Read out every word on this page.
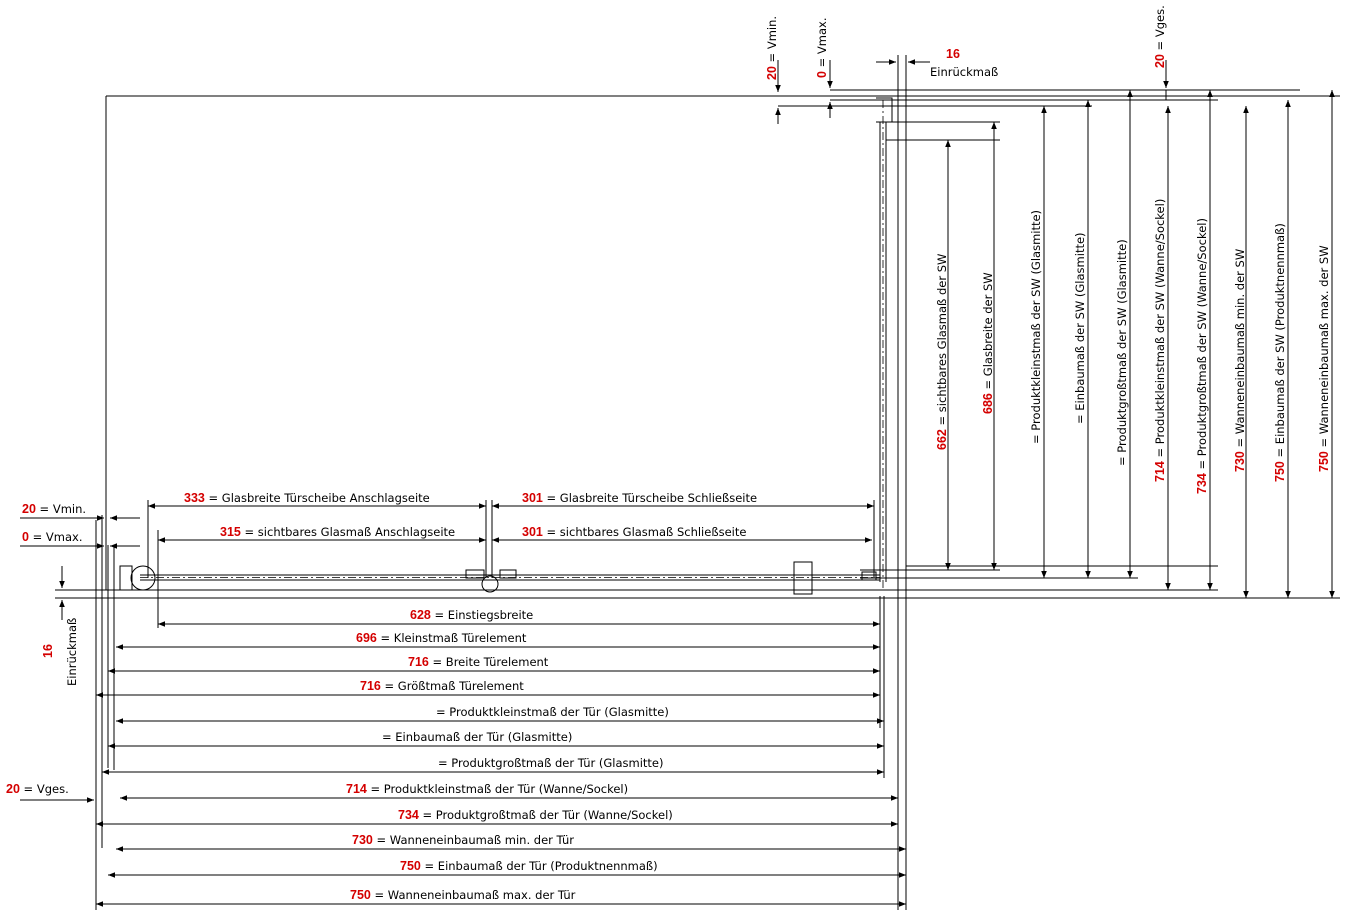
20 = Vmin.
0 = Vmax.	20 = Vges.
16
Einrückmaß
20 = Vmin.
0 = Vmax.
20 = Vges.
16 Einrückmaß
333 = Glasbreite Türscheibe Anschlagseite
315 = sichtbares Glasmaß Anschlagseite
301 = Glasbreite Türscheibe Schließseite
301 = sichtbares Glasmaß Schließseite
628 = Einstiegsbreite
696 = Kleinstmaß Türelement
716 = Breite Türelement
716 = Größtmaß Türelement
= Produktkleinstmaß der Tür (Glasmitte)
= Einbaumaß der Tür (Glasmitte)
= Produktgroßtmaß der Tür (Glasmitte)
714 = Produktkleinstmaß der Tür (Wanne/Sockel)
734 = Produktgroßtmaß der Tür (Wanne/Sockel)
730 = Wanneneinbaumaß min. der Tür
750 = Einbaumaß der Tür (Produktnennmaß)
750 = Wanneneinbaumaß max. der Tür
662 = sichtbares Glasmaß der SW	686 = Glasbreite der SW	= Produktkleinstmaß der SW (Glasmitte)	= Einbaumaß der SW (Glasmitte) = Produktgroßtmaß der SW (Glasmitte)
714 = Produktkleinstmaß der SW (Wanne/Sockel)
734 = Produktgroßtmaß der SW (Wanne/Sockel) 730 = Wanneneinbaumaß min. der SW
750 = Einbaumaß der SW (Produktnennmaß)
750 = Wanneneinbaumaß max. der SW
